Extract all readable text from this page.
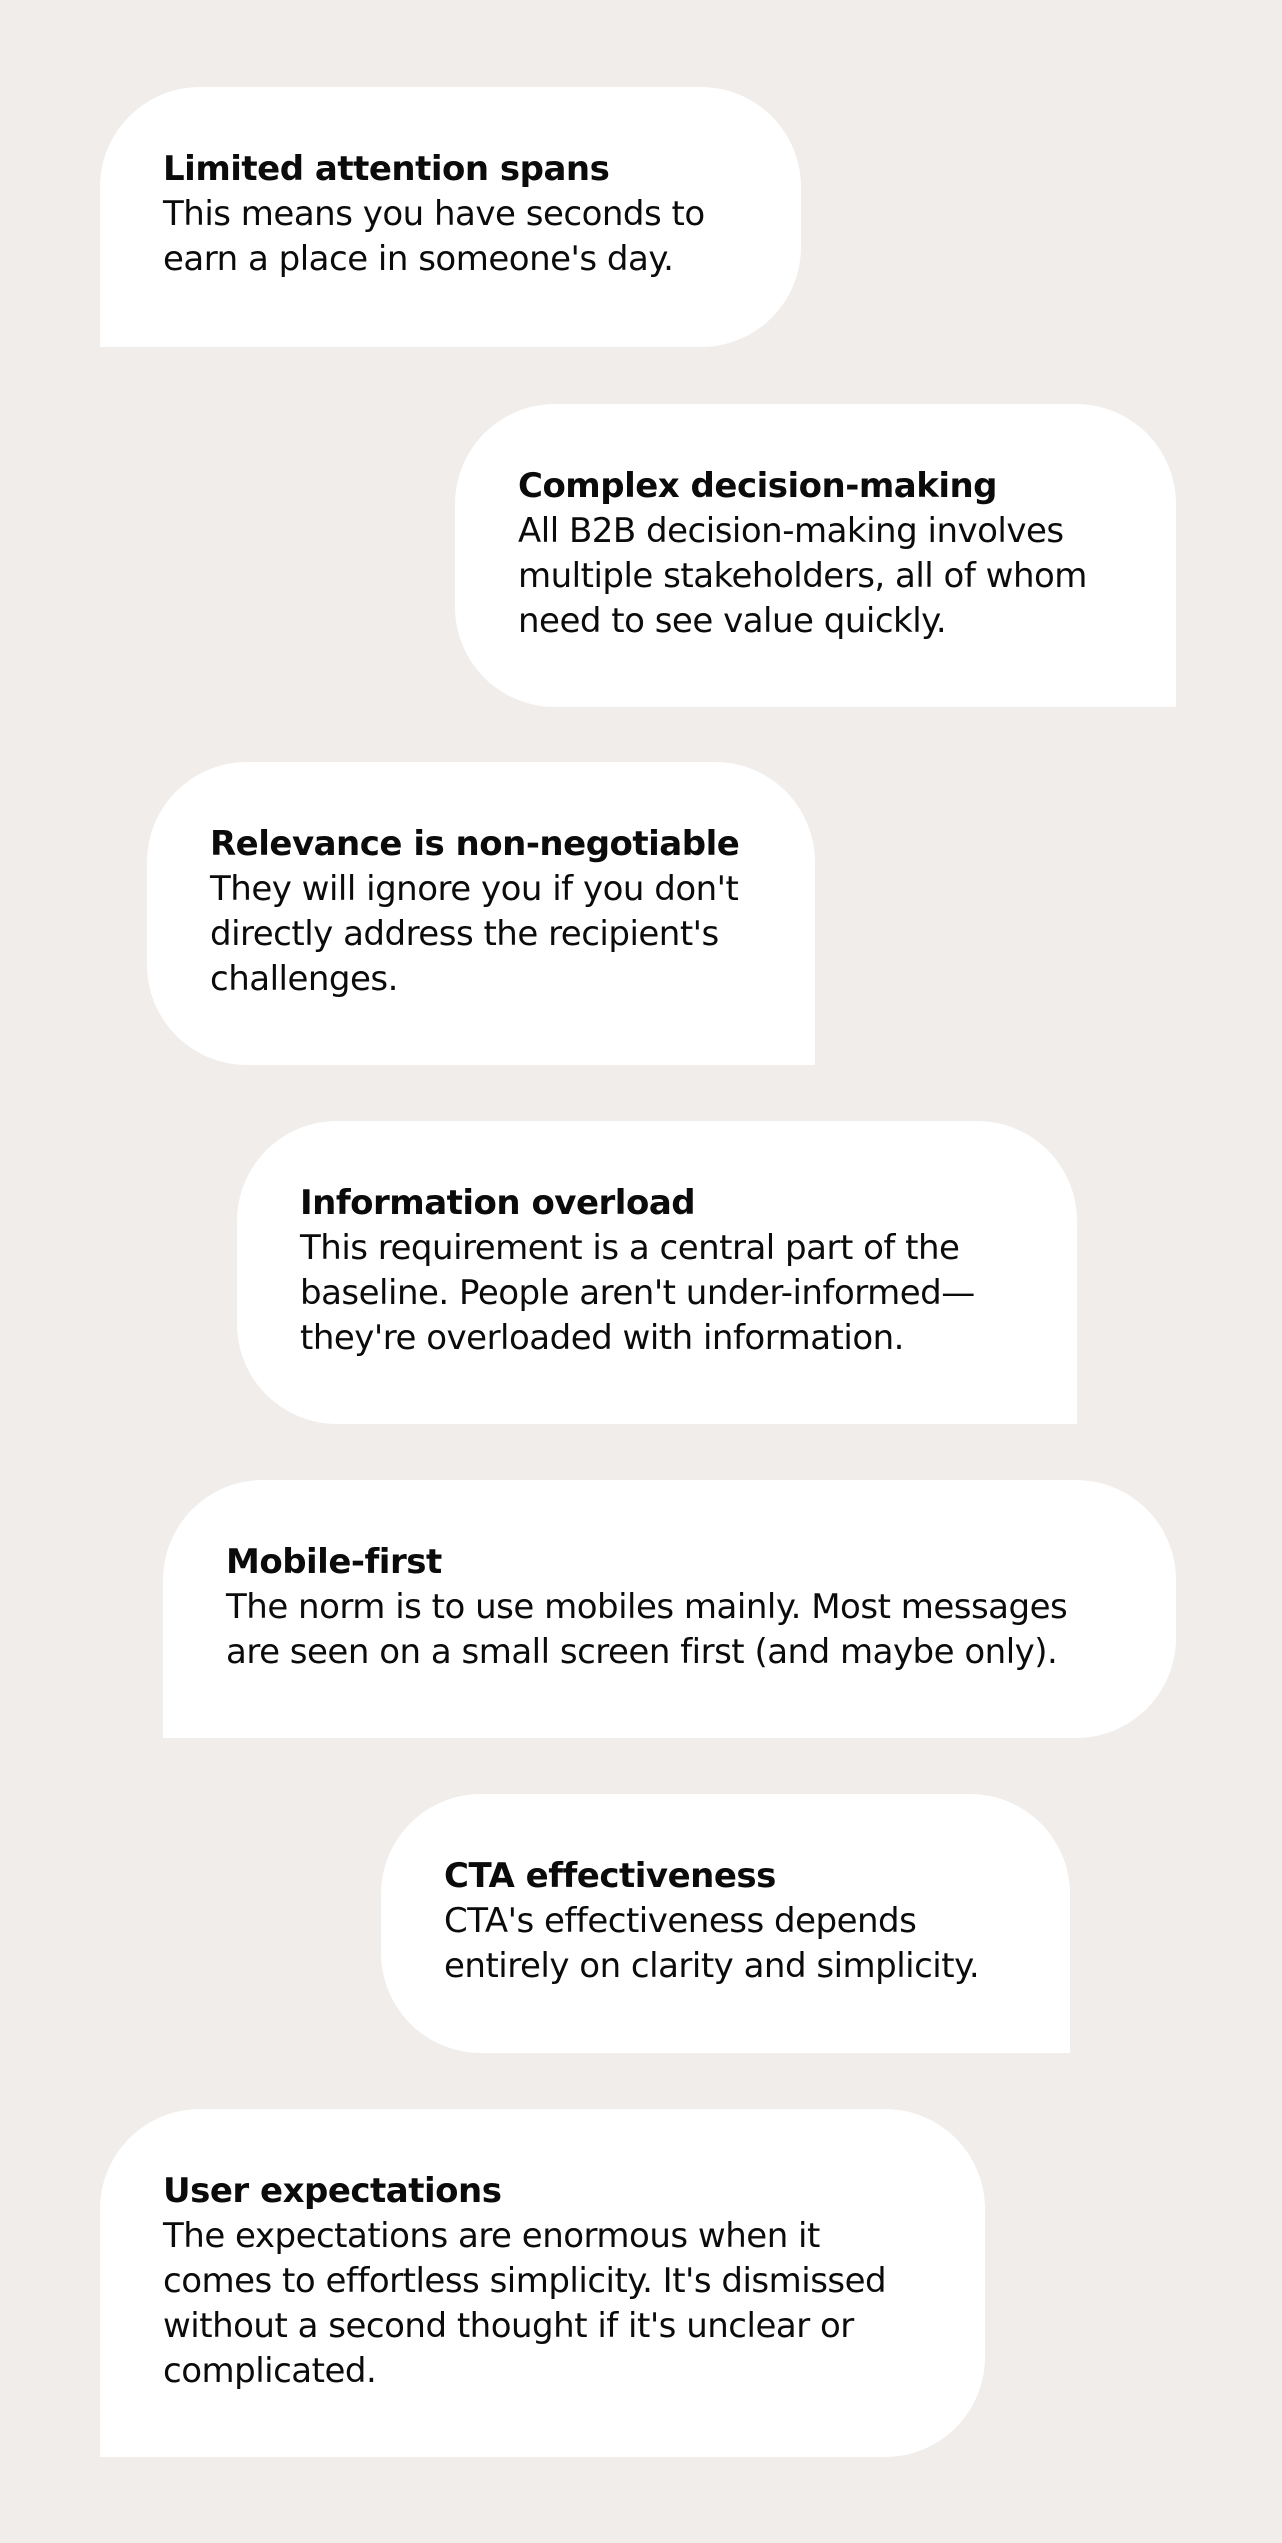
Limited attention spans
This means you have seconds to
earn a place in someone's day.
Complex decision-making
All B2B decision-making involves
multiple stakeholders, all of whom
need to see value quickly.
Relevance is non-negotiable
They will ignore you if you don't
directly address the recipient's
challenges.
Information overload
This requirement is a central part of the
baseline. People aren't under-informed—
they're overloaded with information.
Mobile-first
The norm is to use mobiles mainly. Most messages
are seen on a small screen first (and maybe only).
CTA effectiveness
CTA's effectiveness depends
entirely on clarity and simplicity.
User expectations
The expectations are enormous when it
comes to effortless simplicity. It's dismissed
without a second thought if it's unclear or
complicated.
